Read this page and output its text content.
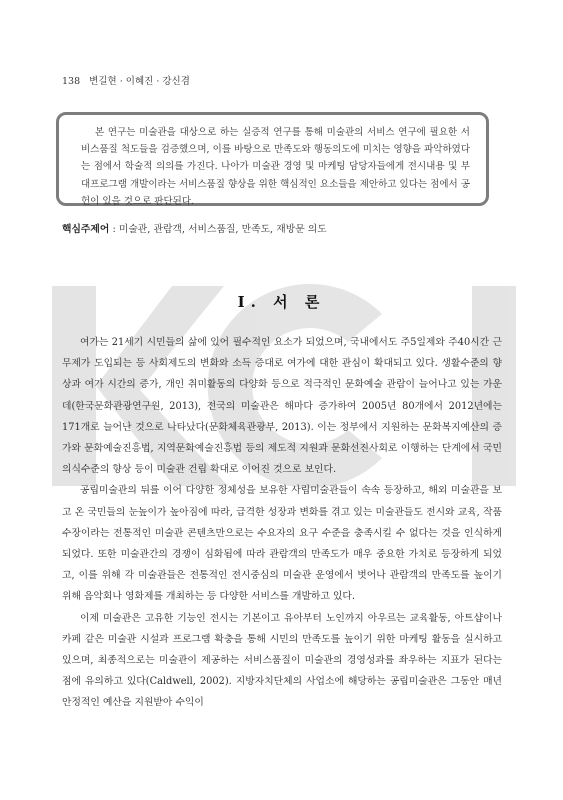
138 변길현 · 이혜진 · 강신겸

본 연구는 미술관을 대상으로 하는 실증적 연구를 통해 미술관의 서비스 연구에 필요한 서비스품질 척도들을 검증했으며, 이를 바탕으로 만족도와 행동의도에 미치는 영향을 파악하였다는 점에서 학술적 의의를 가진다. 나아가 미술관 경영 및 마케팅 담당자들에게 전시내용 및 부대프로그램 개발이라는 서비스품질 향상을 위한 핵심적인 요소들을 제안하고 있다는 점에서 공헌이 있을 것으로 판단된다.

핵심주제어 : 미술관, 관람객, 서비스품질, 만족도, 재방문 의도
Ⅰ. 서 론

여가는 21세기 시민들의 삶에 있어 필수적인 요소가 되었으며, 국내에서도 주5일제와 주40시간 근무제가 도입되는 등 사회제도의 변화와 소득 증대로 여가에 대한 관심이 확대되고 있다. 생활수준의 향상과 여가 시간의 증가, 개인 취미활동의 다양화 등으로 적극적인 문화예술 관람이 늘어나고 있는 가운데(한국문화관광연구원, 2013), 전국의 미술관은 해마다 증가하여 2005년 80개에서 2012년에는 171개로 늘어난 것으로 나타났다(문화체육관광부, 2013). 이는 정부에서 지원하는 문화복지예산의 증가와 문화예술진흥법, 지역문화예술진흥법 등의 제도적 지원과 문화선진사회로 이행하는 단계에서 국민 의식수준의 향상 등이 미술관 건립 확대로 이어진 것으로 보인다.

공립미술관의 뒤를 이어 다양한 정체성을 보유한 사립미술관들이 속속 등장하고, 해외 미술관을 보고 온 국민들의 눈높이가 높아짐에 따라, 급격한 성장과 변화를 겪고 있는 미술관들도 전시와 교육, 작품 수장이라는 전통적인 미술관 콘텐츠만으로는 수요자의 요구 수준을 충족시킬 수 없다는 것을 인식하게 되었다. 또한 미술관간의 경쟁이 심화됨에 따라 관람객의 만족도가 매우 중요한 가치로 등장하게 되었고, 이를 위해 각 미술관들은 전통적인 전시중심의 미술관 운영에서 벗어나 관람객의 만족도를 높이기 위해 음악회나 영화제를 개최하는 등 다양한 서비스를 개발하고 있다.

이제 미술관은 고유한 기능인 전시는 기본이고 유아부터 노인까지 아우르는 교육활동, 아트샵이나 카페 같은 미술관 시설과 프로그램 확충을 통해 시민의 만족도를 높이기 위한 마케팅 활동을 실시하고 있으며, 최종적으로는 미술관이 제공하는 서비스품질이 미술관의 경영성과를 좌우하는 지표가 된다는 점에 유의하고 있다(Caldwell, 2002). 지방자치단체의 사업소에 해당하는 공립미술관은 그동안 매년 안정적인 예산을 지원받아 수익이
